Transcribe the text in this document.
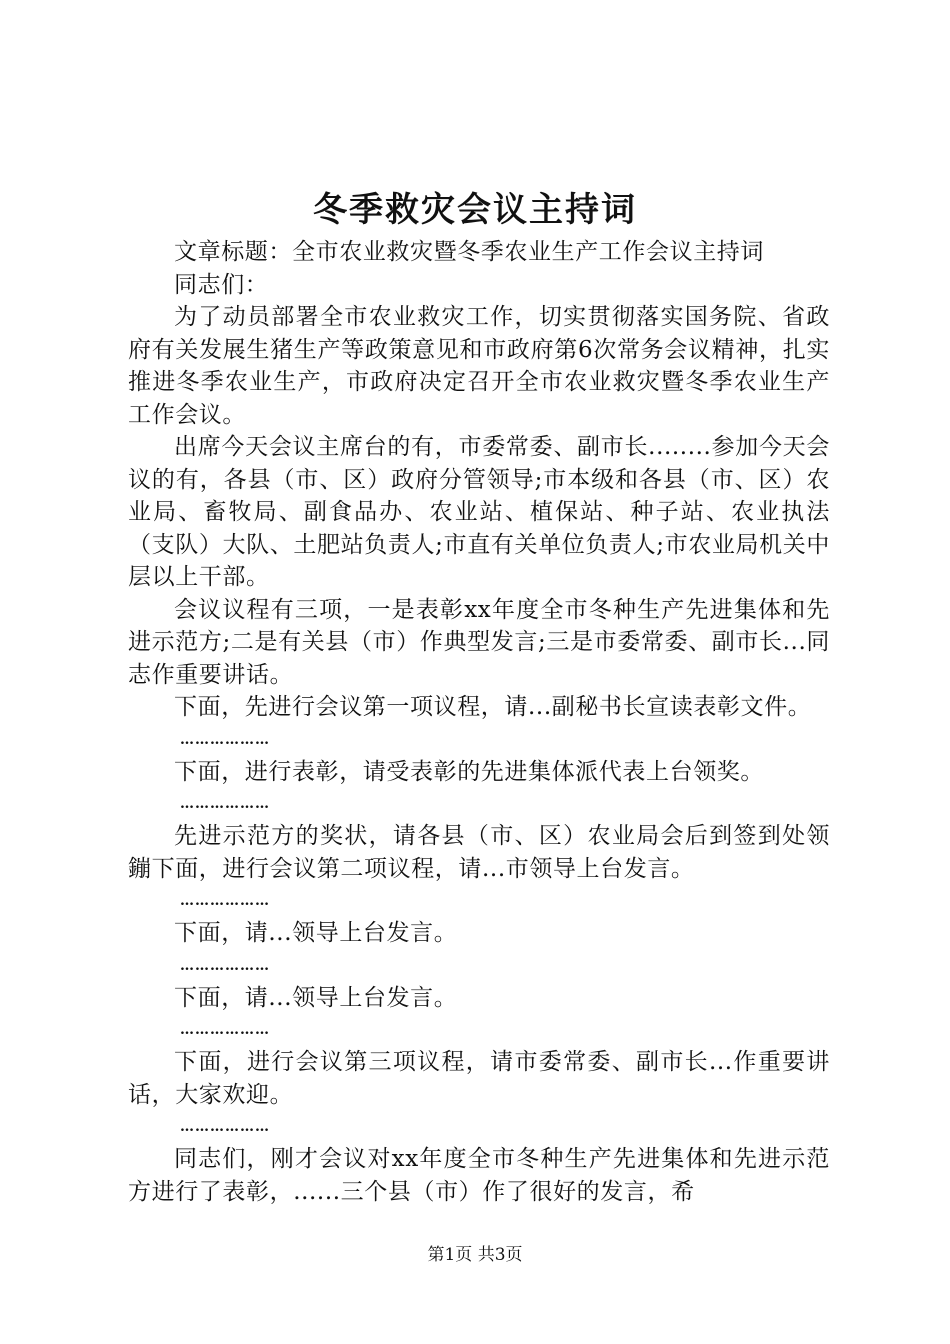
冬季救灾会议主持词

文章标题：全市农业救灾暨冬季农业生产工作会议主持词

同志们：

为了动员部署全市农业救灾工作，切实贯彻落实国务院、省政府有关发展生猪生产等政策意见和市政府第6次常务会议精神，扎实推进冬季农业生产，市政府决定召开全市农业救灾暨冬季农业生产工作会议。

出席今天会议主席台的有，市委常委、副市长........参加今天会议的有，各县（市、区）政府分管领导;市本级和各县（市、区）农业局、畜牧局、副食品办、农业站、植保站、种子站、农业执法（支队）大队、土肥站负责人;市直有关单位负责人;市农业局机关中层以上干部。

会议议程有三项，一是表彰xx年度全市冬种生产先进集体和先进示范方;二是有关县（市）作典型发言;三是市委常委、副市长...同志作重要讲话。

下面，先进行会议第一项议程，请...副秘书长宣读表彰文件。

………………

下面，进行表彰，请受表彰的先进集体派代表上台领奖。

………………

先进示范方的奖状，请各县（市、区）农业局会后到签到处领鏰下面，进行会议第二项议程，请...市领导上台发言。

………………

下面，请...领导上台发言。

………………

下面，请...领导上台发言。

………………

下面，进行会议第三项议程，请市委常委、副市长...作重要讲话，大家欢迎。

………………

同志们，刚才会议对xx年度全市冬种生产先进集体和先进示范方进行了表彰，......三个县（市）作了很好的发言，希

第1页 共3页
